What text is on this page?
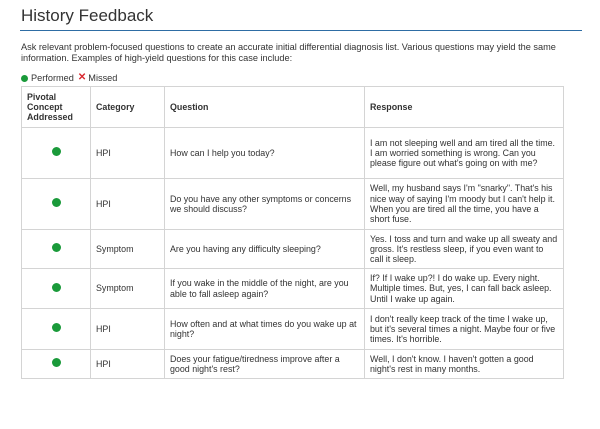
History Feedback
Ask relevant problem-focused questions to create an accurate initial differential diagnosis list. Various questions may yield the same information. Examples of high-yield questions for this case include:
Performed ✕ Missed
Pivotal Concept Addressed	Category	Question	Response
	HPI	How can I help you today?	I am not sleeping well and am tired all the time. I am worried something is wrong. Can you please figure out what's going on with me?
	HPI	Do you have any other symptoms or concerns we should discuss?	Well, my husband says I'm "snarky". That's his nice way of saying I'm moody but I can't help it. When you are tired all the time, you have a short fuse.
	Symptom	Are you having any difficulty sleeping?	Yes. I toss and turn and wake up all sweaty and gross. It's restless sleep, if you even want to call it sleep.
	Symptom	If you wake in the middle of the night, are you able to fall asleep again?	If? If I wake up?! I do wake up. Every night. Multiple times. But, yes, I can fall back asleep. Until I wake up again.
	HPI	How often and at what times do you wake up at night?	I don't really keep track of the time I wake up, but it's several times a night. Maybe four or five times. It's horrible.
	HPI	Does your fatigue/tiredness improve after a good night's rest?	Well, I don't know. I haven't gotten a good night's rest in many months.
